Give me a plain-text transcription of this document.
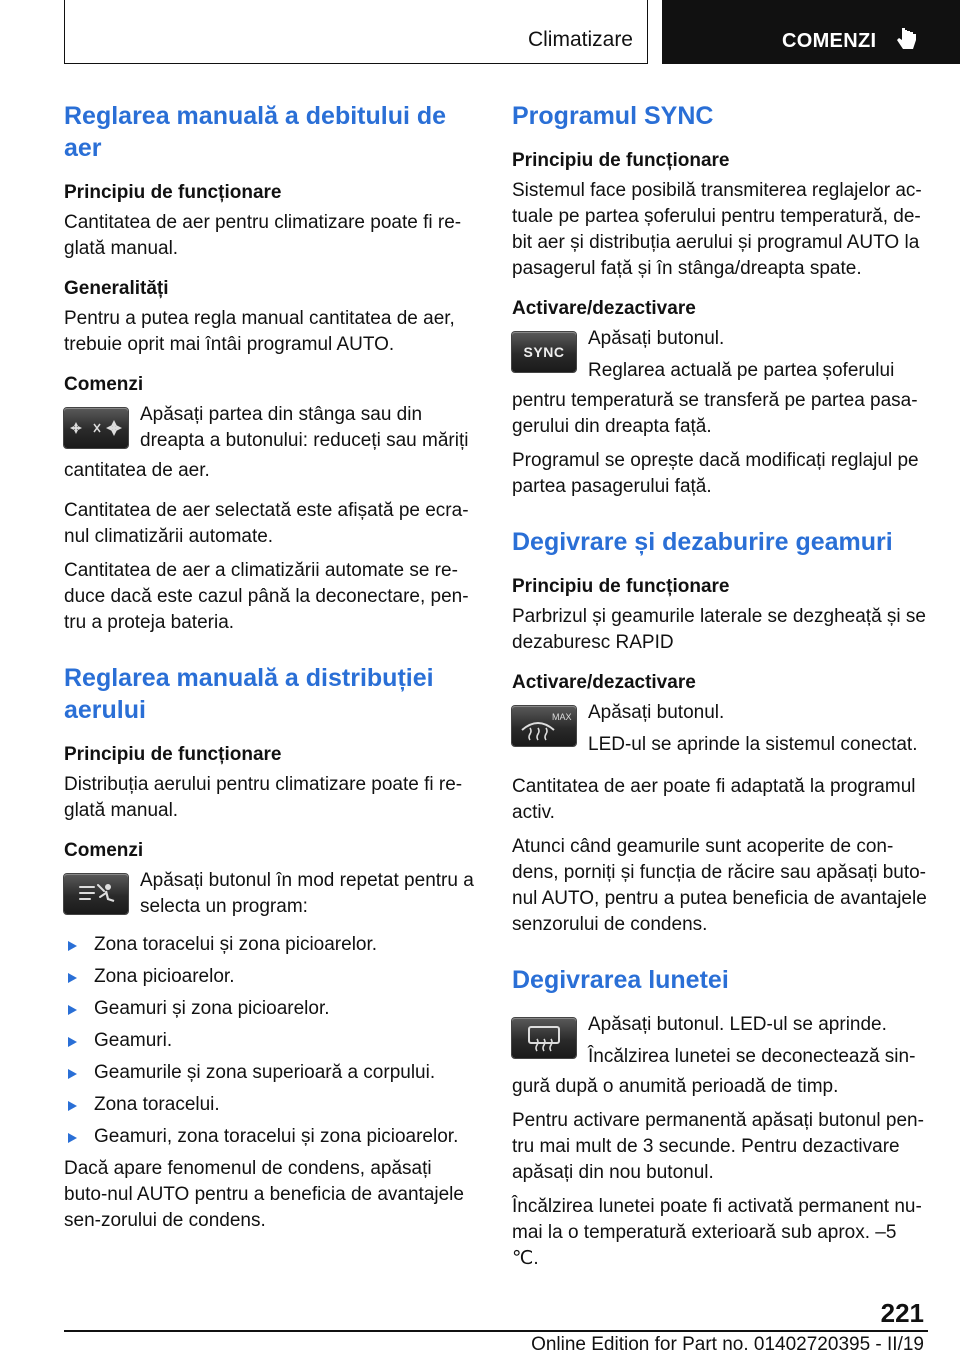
Climatizare	COMENZI
Reglarea manuală a debitului de aer
Principiu de funcționare

Cantitatea de aer pentru climatizare poate fi re-glată manual.

Generalități

Pentru a putea regla manual cantitatea de aer, trebuie oprit mai întâi programul AUTO.

Comenzi

Apăsați partea din stânga sau din dreapta a butonului: reduceți sau măriți

cantitatea de aer.

Cantitatea de aer selectată este afișată pe ecra-nul climatizării automate.

Cantitatea de aer a climatizării automate se re-duce dacă este cazul până la deconectare, pen-tru a proteja bateria.

Reglarea manuală a distribuției aerului
Principiu de funcționare

Distribuția aerului pentru climatizare poate fi re-glată manual.

Comenzi

Apăsați butonul în mod repetat pentru a selecta un program:

Zona toracelui și zona picioarelor.
Zona picioarelor.
Geamuri și zona picioarelor.
Geamuri.
Geamurile și zona superioară a corpului.
Zona toracelui.
Geamuri, zona toracelui și zona picioarelor.

Dacă apare fenomenul de condens, apăsați buto-nul AUTO pentru a beneficia de avantajele sen-zorului de condens.

Programul SYNC
Principiu de funcționare

Sistemul face posibilă transmiterea reglajelor ac-tuale pe partea șoferului pentru temperatură, de-bit aer și distribuția aerului și programul AUTO la pasagerul față și în stânga/dreapta spate.

Activare/dezactivare
SYNC

Apăsați butonul.

Reglarea actuală pe partea șoferului

pentru temperatură se transferă pe partea pasa-gerului din dreapta față.

Programul se oprește dacă modificați reglajul pe partea pasagerului față.

Degivrare și dezaburire geamuri
Principiu de funcționare

Parbrizul și geamurile laterale se dezgheață și se dezaburesc RAPID

Activare/dezactivare
MAX Apăsați butonul.

LED-ul se aprinde la sistemul conectat.

Cantitatea de aer poate fi adaptată la programul activ.

Atunci când geamurile sunt acoperite de con-dens, porniți și funcția de răcire sau apăsați buto-nul AUTO, pentru a putea beneficia de avantajele senzorului de condens.

Degivrarea lunetei

Apăsați butonul. LED-ul se aprinde.

Încălzirea lunetei se deconectează sin-

gură după o anumită perioadă de timp.

Pentru activare permanentă apăsați butonul pen-tru mai mult de 3 secunde. Pentru dezactivare apăsați din nou butonul.

Încălzirea lunetei poate fi activată permanent nu-mai la o temperatură exterioară sub aprox. –5 ℃.

221
Online Edition for Part no. 01402720395 - II/19
